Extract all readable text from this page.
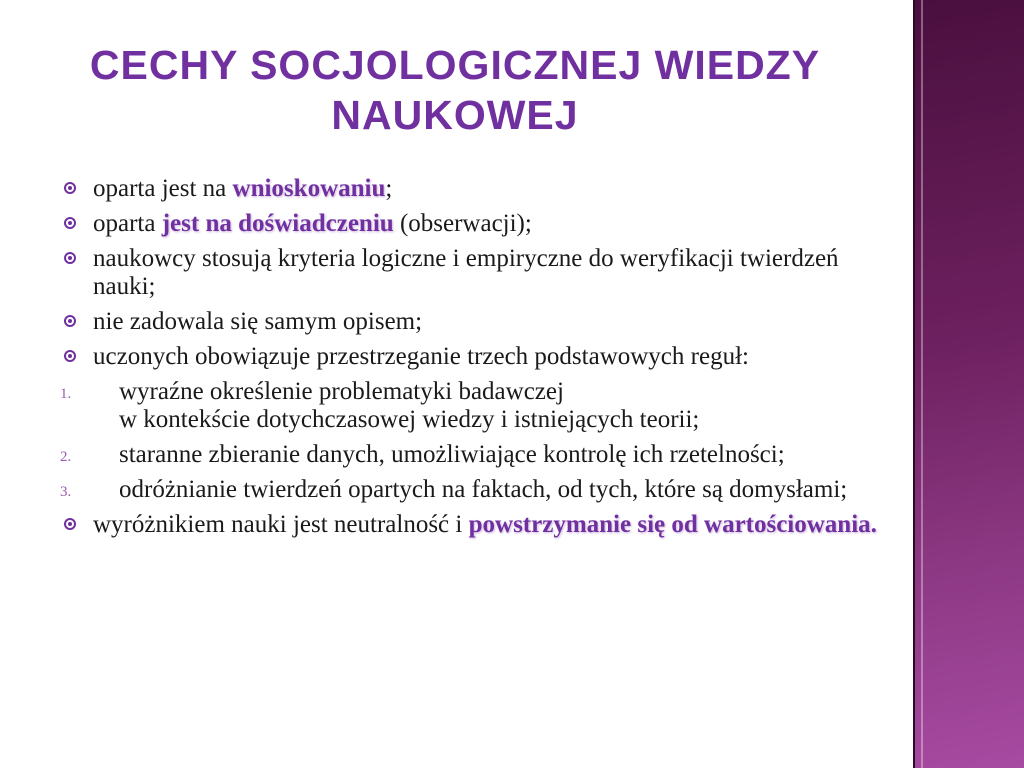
CECHY SOCJOLOGICZNEJ WIEDZY
NAUKOWEJ
oparta jest na wnioskowaniu;
oparta jest na doświadczeniu (obserwacji);
naukowcy stosują kryteria logiczne i empiryczne do weryfikacji twierdzeń nauki;
nie zadowala się samym opisem;
uczonych obowiązuje przestrzeganie trzech podstawowych reguł:
1. wyraźne określenie problematyki badawczej
w kontekście dotychczasowej wiedzy i istniejących teorii;
2. staranne zbieranie danych, umożliwiające kontrolę ich rzetelności;
3. odróżnianie twierdzeń opartych na faktach, od tych, które są domysłami;
wyróżnikiem nauki jest neutralność i powstrzymanie się od wartościowania.
